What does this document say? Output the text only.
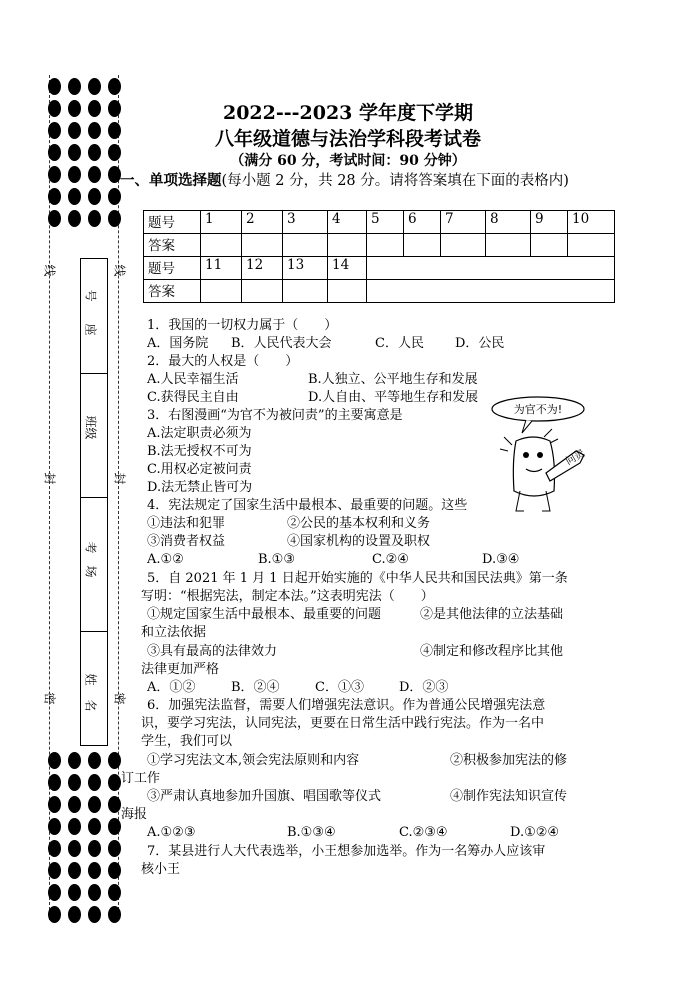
线	线
封	封
密	密
号
座
班级
考
场
姓
名
2022---2023 学年度下学期
八年级道德与法治学科段考试卷
（满分 60 分，考试时间：90 分钟）
一、单项选择题(每小题 2 分，共 28 分。请将答案填在下面的表格内)
题号	1	2	3	4	5	6	7	8	9	10
答案										
题号	11	12	13	14						
答案										
1．我国的一切权力属于（　　）
A．国务院 B．人民代表大会	C．人民 D．公民
2．最大的人权是（　　）
A.人民幸福生活	B.人独立、公平地生存和发展
C.获得民主自由	D.人自由、平等地生存和发展
3．右图漫画“为官不为被问责”的主要寓意是
A.法定职责必须为
B.法无授权不可为
C.用权必定被问责
D.法无禁止皆可为
为官不为!
问责
4．宪法规定了国家生活中最根本、最重要的问题。这些
①违法和犯罪	②公民的基本权利和义务
③消费者权益	④国家机构的设置及职权
A.①②	B.①③	C.②④	D.③④
5．自 2021 年 1 月 1 日起开始实施的《中华人民共和国民法典》第一条
写明：“根据宪法，制定本法。”这表明宪法（　　）
①规定国家生活中最根本、最重要的问题	②是其他法律的立法基础
和立法依据
③具有最高的法律效力	④制定和修改程序比其他
法律更加严格
A．①②	B．②④	C．①③	D．②③
6．加强宪法监督，需要人们增强宪法意识。作为普通公民增强宪法意
识，要学习宪法，认同宪法，更要在日常生活中践行宪法。作为一名中
学生，我们可以
①学习宪法文本,领会宪法原则和内容	②积极参加宪法的修
订工作
③严肃认真地参加升国旗、唱国歌等仪式	④制作宪法知识宣传
海报
A.①②③	B.①③④	C.②③④	D.①②④
7．某县进行人大代表选举，小王想参加选举。作为一名筹办人应该审
核小王
